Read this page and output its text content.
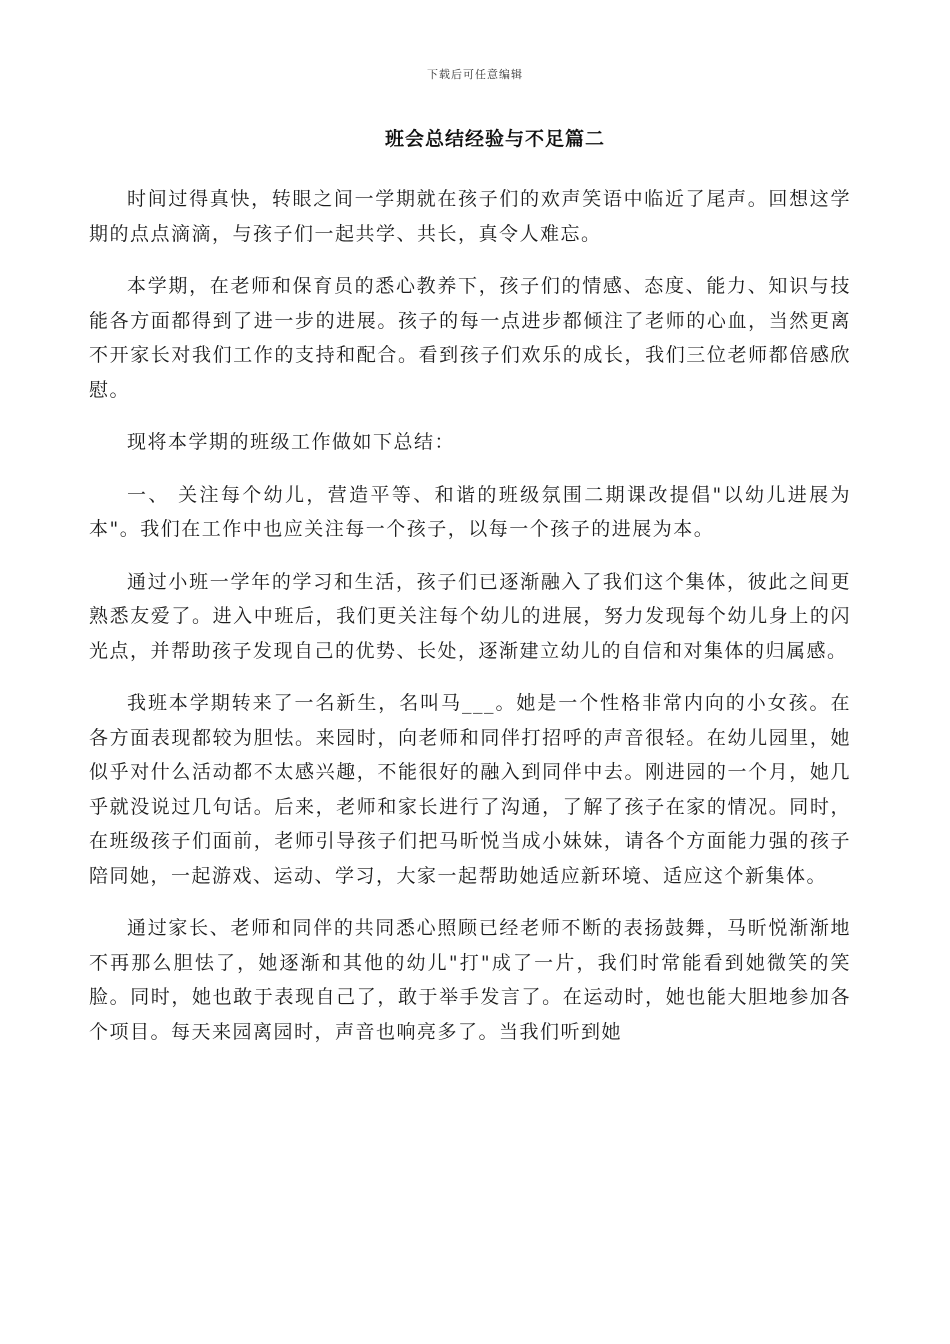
下载后可任意编辑
班会总结经验与不足篇二

时间过得真快，转眼之间一学期就在孩子们的欢声笑语中临近了尾声。回想这学期的点点滴滴，与孩子们一起共学、共长，真令人难忘。

本学期，在老师和保育员的悉心教养下，孩子们的情感、态度、能力、知识与技能各方面都得到了进一步的进展。孩子的每一点进步都倾注了老师的心血，当然更离不开家长对我们工作的支持和配合。看到孩子们欢乐的成长，我们三位老师都倍感欣慰。

现将本学期的班级工作做如下总结：

一、 关注每个幼儿，营造平等、和谐的班级氛围二期课改提倡"以幼儿进展为本"。我们在工作中也应关注每一个孩子，以每一个孩子的进展为本。

通过小班一学年的学习和生活，孩子们已逐渐融入了我们这个集体，彼此之间更熟悉友爱了。进入中班后，我们更关注每个幼儿的进展，努力发现每个幼儿身上的闪光点，并帮助孩子发现自己的优势、长处，逐渐建立幼儿的自信和对集体的归属感。

我班本学期转来了一名新生，名叫马___。她是一个性格非常内向的小女孩。在各方面表现都较为胆怯。来园时，向老师和同伴打招呼的声音很轻。在幼儿园里，她似乎对什么活动都不太感兴趣，不能很好的融入到同伴中去。刚进园的一个月，她几乎就没说过几句话。后来，老师和家长进行了沟通，了解了孩子在家的情况。同时，在班级孩子们面前，老师引导孩子们把马昕悦当成小妹妹，请各个方面能力强的孩子陪同她，一起游戏、运动、学习，大家一起帮助她适应新环境、适应这个新集体。

通过家长、老师和同伴的共同悉心照顾已经老师不断的表扬鼓舞，马昕悦渐渐地不再那么胆怯了，她逐渐和其他的幼儿"打"成了一片，我们时常能看到她微笑的笑脸。同时，她也敢于表现自己了，敢于举手发言了。在运动时，她也能大胆地参加各个项目。每天来园离园时，声音也响亮多了。当我们听到她
